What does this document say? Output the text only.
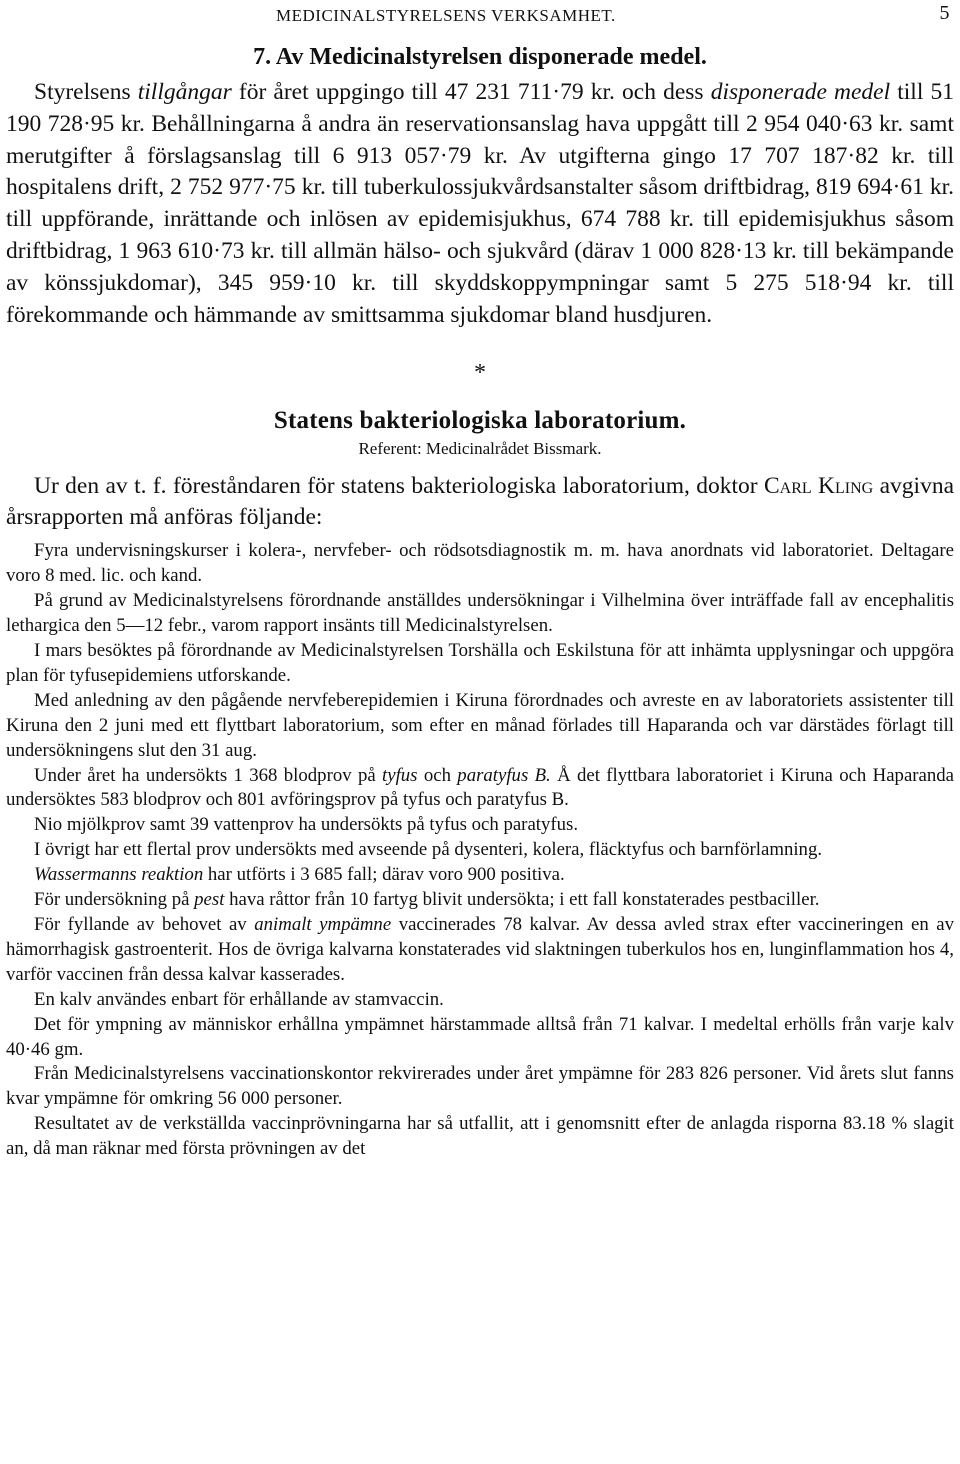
MEDICINALSTYRELSENS VERKSAMHET.	5
7. Av Medicinalstyrelsen disponerade medel.

Styrelsens tillgångar för året uppgingo till 47 231 711·79 kr. och dess disponerade medel till 51 190 728·95 kr. Behållningarna å andra än reservationsanslag hava uppgått till 2 954 040·63 kr. samt merutgifter å förslagsanslag till 6 913 057·79 kr. Av utgifterna gingo 17 707 187·82 kr. till hospitalens drift, 2 752 977·75 kr. till tuberkulossjukvårdsanstalter såsom driftbidrag, 819 694·61 kr. till uppförande, inrättande och inlösen av epidemisjukhus, 674 788 kr. till epidemisjukhus såsom driftbidrag, 1 963 610·73 kr. till allmän hälso- och sjukvård (därav 1 000 828·13 kr. till bekämpande av könssjukdomar), 345 959·10 kr. till skyddskoppympningar samt 5 275 518·94 kr. till förekommande och hämmande av smittsamma sjukdomar bland husdjuren.

*
Statens bakteriologiska laboratorium.
Referent: Medicinalrådet Bissmark.

Ur den av t. f. föreståndaren för statens bakteriologiska laboratorium, doktor Carl Kling avgivna årsrapporten må anföras följande:

Fyra undervisningskurser i kolera-, nervfeber- och rödsotsdiagnostik m. m. hava anordnats vid laboratoriet. Deltagare voro 8 med. lic. och kand.

På grund av Medicinalstyrelsens förordnande anställdes undersökningar i Vilhelmina över inträffade fall av encephalitis lethargica den 5—12 febr., varom rapport insänts till Medicinalstyrelsen.

I mars besöktes på förordnande av Medicinalstyrelsen Torshälla och Eskilstuna för att inhämta upplysningar och uppgöra plan för tyfusepidemiens utforskande.

Med anledning av den pågående nervfeberepidemien i Kiruna förordnades och avreste en av laboratoriets assistenter till Kiruna den 2 juni med ett flyttbart laboratorium, som efter en månad förlades till Haparanda och var därstädes förlagt till undersökningens slut den 31 aug.

Under året ha undersökts 1 368 blodprov på tyfus och paratyfus B. Å det flyttbara laboratoriet i Kiruna och Haparanda undersöktes 583 blodprov och 801 avföringsprov på tyfus och paratyfus B.

Nio mjölkprov samt 39 vattenprov ha undersökts på tyfus och paratyfus.

I övrigt har ett flertal prov undersökts med avseende på dysenteri, kolera, fläcktyfus och barnförlamning.

Wassermanns reaktion har utförts i 3 685 fall; därav voro 900 positiva.

För undersökning på pest hava råttor från 10 fartyg blivit undersökta; i ett fall konstaterades pestbaciller.

För fyllande av behovet av animalt ympämne vaccinerades 78 kalvar. Av dessa avled strax efter vaccineringen en av hämorrhagisk gastroenterit. Hos de övriga kalvarna konstaterades vid slaktningen tuberkulos hos en, lunginflammation hos 4, varför vaccinen från dessa kalvar kasserades.

En kalv användes enbart för erhållande av stamvaccin.

Det för ympning av människor erhållna ympämnet härstammade alltså från 71 kalvar. I medeltal erhölls från varje kalv 40·46 gm.

Från Medicinalstyrelsens vaccinationskontor rekvirerades under året ympämne för 283 826 personer. Vid årets slut fanns kvar ympämne för omkring 56 000 personer.

Resultatet av de verkställda vaccinprövningarna har så utfallit, att i genomsnitt efter de anlagda risporna 83.18 % slagit an, då man räknar med första prövningen av det
